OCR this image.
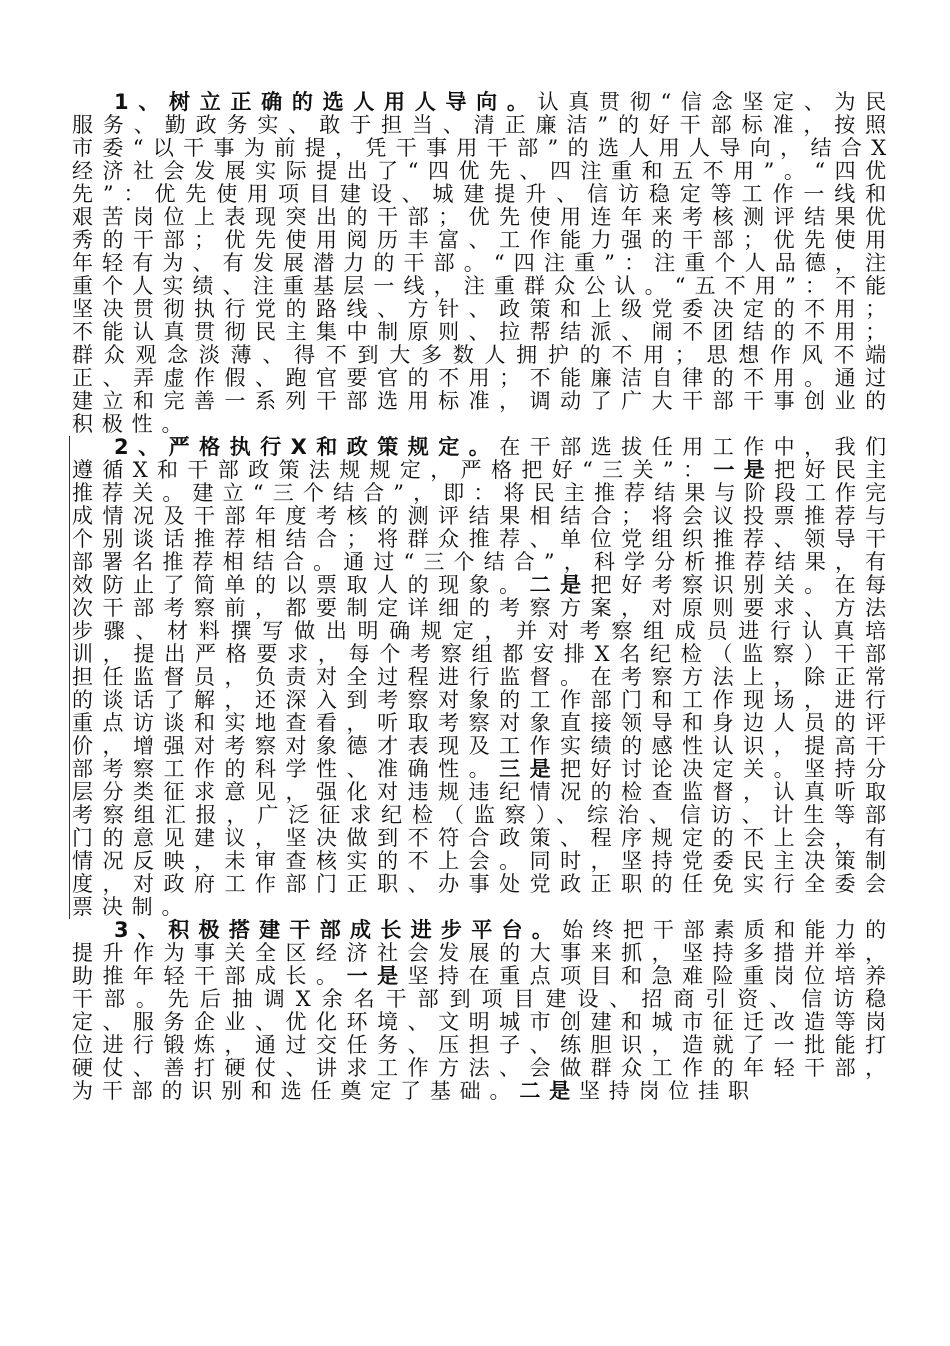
1、树立正确的选人用人导向。认真贯彻“信念坚定、为民服务、勤政务实、敢于担当、清正廉洁”的好干部标准，按照市委“以干事为前提，凭干事用干部”的选人用人导向，结合X经济社会发展实际提出了“四优先、四注重和五不用”。“四优先”：优先使用项目建设、城建提升、信访稳定等工作一线和艰苦岗位上表现突出的干部；优先使用连年来考核测评结果优秀的干部；优先使用阅历丰富、工作能力强的干部；优先使用年轻有为、有发展潜力的干部。“四注重”：注重个人品德，注重个人实绩、注重基层一线，注重群众公认。“五不用”：不能坚决贯彻执行党的路线、方针、政策和上级党委决定的不用；不能认真贯彻民主集中制原则、拉帮结派、闹不团结的不用；群众观念淡薄、得不到大多数人拥护的不用；思想作风不端正、弄虚作假、跑官要官的不用；不能廉洁自律的不用。通过建立和完善一系列干部选用标准，调动了广大干部干事创业的积极性。

2、严格执行X和政策规定。在干部选拔任用工作中，我们遵循X和干部政策法规规定，严格把好“三关”：一是把好民主推荐关。建立“三个结合”，即：将民主推荐结果与阶段工作完成情况及干部年度考核的测评结果相结合；将会议投票推荐与个别谈话推荐相结合；将群众推荐、单位党组织推荐、领导干部署名推荐相结合。通过“三个结合”，科学分析推荐结果，有效防止了简单的以票取人的现象。二是把好考察识别关。在每次干部考察前，都要制定详细的考察方案，对原则要求、方法步骤、材料撰写做出明确规定，并对考察组成员进行认真培训，提出严格要求，每个考察组都安排X名纪检（监察）干部担任监督员，负责对全过程进行监督。在考察方法上，除正常的谈话了解，还深入到考察对象的工作部门和工作现场，进行重点访谈和实地查看，听取考察对象直接领导和身边人员的评价，增强对考察对象德才表现及工作实绩的感性认识，提高干部考察工作的科学性、准确性。三是把好讨论决定关。坚持分层分类征求意见，强化对违规违纪情况的检查监督，认真听取考察组汇报，广泛征求纪检（监察）、综治、信访、计生等部门的意见建议，坚决做到不符合政策、程序规定的不上会，有情况反映，未审查核实的不上会。同时，坚持党委民主决策制度，对政府工作部门正职、办事处党政正职的任免实行全委会票决制。

3、积极搭建干部成长进步平台。始终把干部素质和能力的提升作为事关全区经济社会发展的大事来抓，坚持多措并举，助推年轻干部成长。一是坚持在重点项目和急难险重岗位培养干部。先后抽调X余名干部到项目建设、招商引资、信访稳定、服务企业、优化环境、文明城市创建和城市征迁改造等岗位进行锻炼，通过交任务、压担子、练胆识，造就了一批能打硬仗、善打硬仗、讲求工作方法、会做群众工作的年轻干部，为干部的识别和选任奠定了基础。二是坚持岗位挂职
